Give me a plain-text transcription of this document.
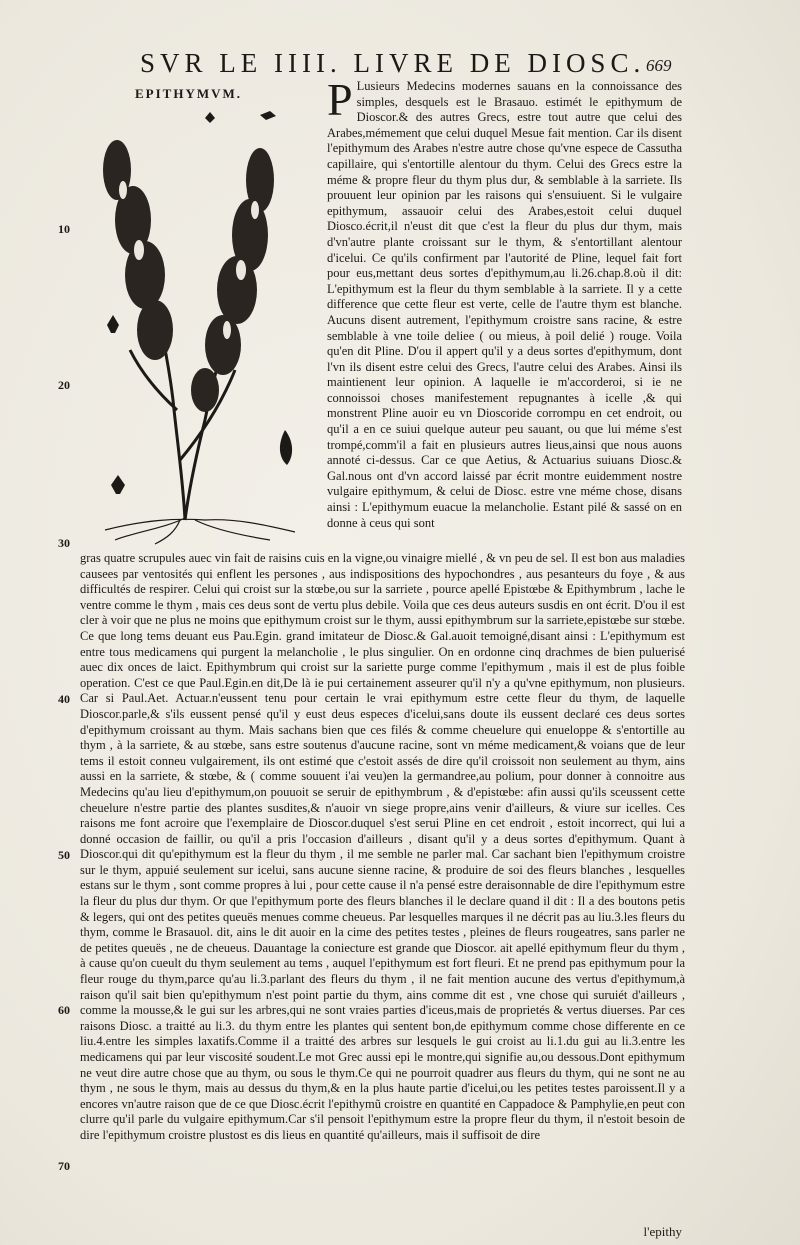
SVR LE IIII. LIVRE DE DIOSC. 669
EPITHYMVM.
10
20
30
40
50
60
70
P Lusieurs Medecins modernes sauans en la connoissance des simples, desquels est le Brasauo. estimét le epithymum de Dioscor.& des autres Grecs, estre tout autre que celui des Arabes,mémement que celui duquel Mesue fait mention. Car ils disent l'epithymum des Arabes n'estre autre chose qu'vne espece de Cassutha capillaire, qui s'entortille alentour du thym. Celui des Grecs estre la méme & propre fleur du thym plus dur, & semblable à la sarriete. Ils prouuent leur opinion par les raisons qui s'ensuiuent. Si le vulgaire epithymum, assauoir celui des Arabes,estoit celui duquel Diosco.écrit,il n'eust dit que c'est la fleur du plus dur thym, mais d'vn'autre plante croissant sur le thym, & s'entortillant alentour d'icelui. Ce qu'ils confirment par l'autorité de Pline, lequel fait fort pour eus,mettant deus sortes d'epithymum,au li.26.chap.8.où il dit: L'epithymum est la fleur du thym semblable à la sarriete. Il y a cette difference que cette fleur est verte, celle de l'autre thym est blanche. Aucuns disent autrement, l'epithymum croistre sans racine, & estre semblable à vne toile deliee ( ou mieus, à poil delié ) rouge. Voila qu'en dit Pline. D'ou il appert qu'il y a deus sortes d'epithymum, dont l'vn ils disent estre celui des Grecs, l'autre celui des Arabes. Ainsi ils maintienent leur opinion. A laquelle ie m'accorderoi, si ie ne connoissoi choses manifestement repugnantes à icelle ,& qui monstrent Pline auoir eu vn Dioscoride corrompu en cet endroit, ou qu'il a en ce suiui quelque auteur peu sauant, ou que lui méme s'est trompé,comm'il a fait en plusieurs autres lieus,ainsi que nous auons annoté ci-dessus. Car ce que Aetius, & Actuarius suiuans Diosc.& Gal.nous ont d'vn accord laissé par écrit montre euidemment nostre vulgaire epithymum, & celui de Diosc. estre vne méme chose, disans ainsi : L'epithymum euacue la melancholie. Estant pilé & sassé on en donne à ceus qui sont
gras quatre scrupules auec vin fait de raisins cuis en la vigne,ou vinaigre miellé , & vn peu de sel. Il est bon aus maladies causees par ventosités qui enflent les persones , aus indispositions des hypochondres , aus pesanteurs du foye , & aus difficultés de respirer. Celui qui croist sur la stœbe,ou sur la sarriete , pource apellé Epistœbe & Epithymbrum , lache le ventre comme le thym , mais ces deus sont de vertu plus debile. Voila que ces deus auteurs susdis en ont écrit. D'ou il est cler à voir que ne plus ne moins que epithymum croist sur le thym, aussi epithymbrum sur la sarriete,epistœbe sur stœbe. Ce que long tems deuant eus Pau.Egin. grand imitateur de Diosc.& Gal.auoit temoigné,disant ainsi : L'epithymum est entre tous medicamens qui purgent la melancholie , le plus singulier. On en ordonne cinq drachmes de bien puluerisé auec dix onces de laict. Epithymbrum qui croist sur la sariette purge comme l'epithymum , mais il est de plus foible operation. C'est ce que Paul.Egin.en dit,De là ie pui certainement asseurer qu'il n'y a qu'vne epithymum, non plusieurs. Car si Paul.Aet. Actuar.n'eussent tenu pour certain le vrai epithymum estre cette fleur du thym, de laquelle Dioscor.parle,& s'ils eussent pensé qu'il y eust deus especes d'icelui,sans doute ils eussent declaré ces deus sortes d'epithymum croissant au thym. Mais sachans bien que ces filés & comme cheuelure qui enueloppe & s'entortille au thym , à la sarriete, & au stœbe, sans estre soutenus d'aucune racine, sont vn méme medicament,& voians que de leur tems il estoit conneu vulgairement, ils ont estimé que c'estoit assés de dire qu'il croissoit non seulement au thym, ains aussi en la sarriete, & stœbe, & ( comme souuent i'ai veu)en la germandree,au polium, pour donner à connoitre aus Medecins qu'au lieu d'epithymum,on pouuoit se seruir de epithymbrum , & d'epistœbe: afin aussi qu'ils sceussent cette cheuelure n'estre partie des plantes susdites,& n'auoir vn siege propre,ains venir d'ailleurs, & viure sur icelles. Ces raisons me font acroire que l'exemplaire de Dioscor.duquel s'est serui Pline en cet endroit , estoit incorrect, qui lui a donné occasion de faillir, ou qu'il a pris l'occasion d'ailleurs , disant qu'il y a deus sortes d'epithymum. Quant à Dioscor.qui dit qu'epithymum est la fleur du thym , il me semble ne parler mal. Car sachant bien l'epithymum croistre sur le thym, appuié seulement sur icelui, sans aucune sienne racine, & produire de soi des fleurs blanches , lesquelles estans sur le thym , sont comme propres à lui , pour cette cause il n'a pensé estre deraisonnable de dire l'epithymum estre la fleur du plus dur thym. Or que l'epithymum porte des fleurs blanches il le declare quand il dit : Il a des boutons petis & legers, qui ont des petites queuës menues comme cheueus. Par lesquelles marques il ne décrit pas au liu.3.les fleurs du thym, comme le Brasauol. dit, ains le dit auoir en la cime des petites testes , pleines de fleurs rougeatres, sans parler ne de petites queuës , ne de cheueus. Dauantage la coniecture est grande que Dioscor. ait apellé epithymum fleur du thym , à cause qu'on cueult du thym seulement au tems , auquel l'epithymum est fort fleuri. Et ne prend pas epithymum pour la fleur rouge du thym,parce qu'au li.3.parlant des fleurs du thym , il ne fait mention aucune des vertus d'epithymum,à raison qu'il sait bien qu'epithymum n'est point partie du thym, ains comme dit est , vne chose qui suruiét d'ailleurs , comme la mousse,& le gui sur les arbres,qui ne sont vraies parties d'iceus,mais de proprietés & vertus diuerses. Par ces raisons Diosc. a traitté au li.3. du thym entre les plantes qui sentent bon,de epithymum comme chose differente en ce liu.4.entre les simples laxatifs.Comme il a traitté des arbres sur lesquels le gui croist au li.1.du gui au li.3.entre les medicamens qui par leur viscosité soudent.Le mot Grec aussi epi le montre,qui signifie au,ou dessous.Dont epithymum ne veut dire autre chose que au thym, ou sous le thym.Ce qui ne pourroit quadrer aus fleurs du thym, qui ne sont ne au thym , ne sous le thym, mais au dessus du thym,& en la plus haute partie d'icelui,ou les petites testes paroissent.Il y a encores vn'autre raison que de ce que Diosc.écrit l'epithymũ croistre en quantité en Cappadoce & Pamphylie,en peut con clurre qu'il parle du vulgaire epithymum.Car s'il pensoit l'epithymum estre la propre fleur du thym, il n'estoit besoin de dire l'epithymum croistre plustost es dis lieus en quantité qu'ailleurs, mais il suffisoit de dire
l'epithy
